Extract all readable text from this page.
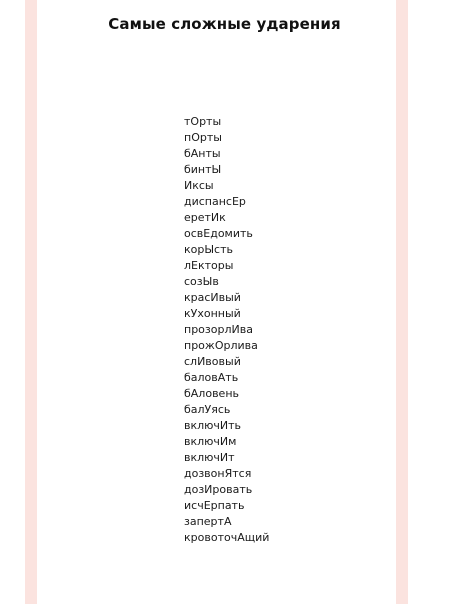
Самые сложные ударения
тОрты
пОрты
бАнты
бинтЫ
Иксы
диспансЕр
еретИк
освЕдомить
корЫсть
лЕкторы
созЫв
красИвый
кУхонный
прозорлИва
прожОрлива
слИвовый
баловАть
бАловень
балУясь
включИть
включИм
включИт
дозвонЯтся
дозИровать
исчЕрпать
запертА
кровоточАщий
